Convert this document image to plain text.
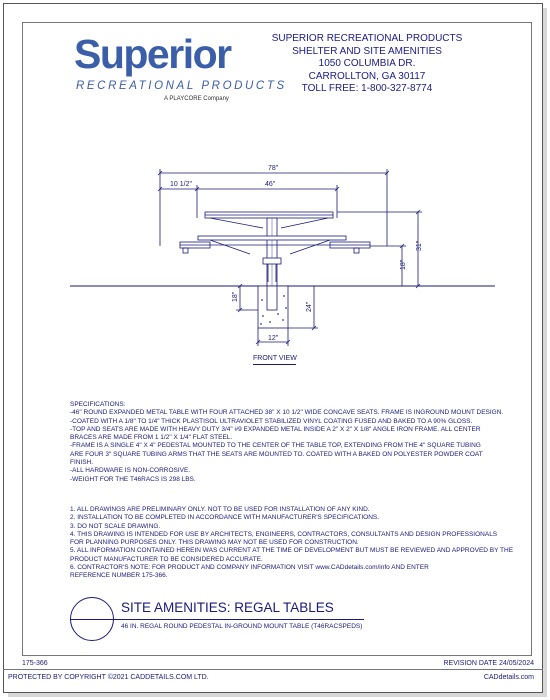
Superior
RECREATIONAL PRODUCTS
A PLAYCORE Company
SUPERIOR RECREATIONAL PRODUCTS
SHELTER AND SITE AMENITIES
1050 COLUMBIA DR.
CARROLLTON, GA 30117
TOLL FREE: 1-800-327-8774
78"
10 1/2"	46"
31"
18"
18"
24"
12"
FRONT VIEW
SPECIFICATIONS:
-46" ROUND EXPANDED METAL TABLE WITH FOUR ATTACHED 38" X 10 1/2" WIDE CONCAVE SEATS. FRAME IS INGROUND MOUNT DESIGN.
-COATED WITH A 1/8" TO 1/4" THICK PLASTISOL ULTRAVIOLET STABILIZED VINYL COATING FUSED AND BAKED TO A 90% GLOSS.
-TOP AND SEATS ARE MADE WITH HEAVY DUTY 3/4" #9 EXPANDED METAL INSIDE A 2" X 2" X 1/8" ANGLE IRON FRAME. ALL CENTER
BRACES ARE MADE FROM 1 1/2" X 1/4" FLAT STEEL.
-FRAME IS A SINGLE 4" X 4" PEDESTAL MOUNTED TO THE CENTER OF THE TABLE TOP, EXTENDING FROM THE 4" SQUARE TUBING
ARE FOUR 3" SQUARE TUBING ARMS THAT THE SEATS ARE MOUNTED TO. COATED WITH A BAKED ON POLYESTER POWDER COAT
FINISH.
-ALL HARDWARE IS NON-CORROSIVE.
-WEIGHT FOR THE T46RACS IS 298 LBS.
1. ALL DRAWINGS ARE PRELIMINARY ONLY. NOT TO BE USED FOR INSTALLATION OF ANY KIND.
2. INSTALLATION TO BE COMPLETED IN ACCORDANCE WITH MANUFACTURER'S SPECIFICATIONS.
3. DO NOT SCALE DRAWING.
4. THIS DRAWING IS INTENDED FOR USE BY ARCHITECTS, ENGINEERS, CONTRACTORS, CONSULTANTS AND DESIGN PROFESSIONALS
FOR PLANNING PURPOSES ONLY. THIS DRAWING MAY NOT BE USED FOR CONSTRUCTION.
5. ALL INFORMATION CONTAINED HEREIN WAS CURRENT AT THE TIME OF DEVELOPMENT BUT MUST BE REVIEWED AND APPROVED BY THE
PRODUCT MANUFACTURER TO BE CONSIDERED ACCURATE.
6. CONTRACTOR'S NOTE: FOR PRODUCT AND COMPANY INFORMATION VISIT www.CADdetails.com/info AND ENTER
REFERENCE NUMBER 175-366.
SITE AMENITIES: REGAL TABLES
46 IN. REGAL ROUND PEDESTAL IN-GROUND MOUNT TABLE (T46RACSPEDS)
175-366	REVISION DATE 24/05/2024
PROTECTED BY COPYRIGHT ©2021 CADDETAILS.COM LTD.	CADdetails.com
